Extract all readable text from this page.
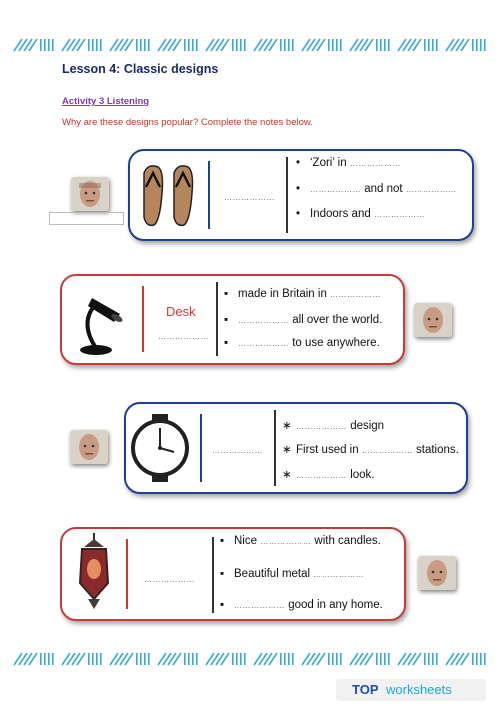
Lesson 4: Classic designs
Activity 3 Listening
Why are these designs popular? Complete the notes below.
………………
• ‘Zori’ in ………………
• ……………… and not ………………
• Indoors and ………………
Desk
………………
▪ made in Britain in ………………
▪ ……………… all over the world.
▪ ……………… to use anywhere.
………………
∗ ……………… design
∗ First used in ……………… stations.
∗ ……………… look.
………………
▪ Nice ……………… with candles.
▪ Beautiful metal ………………
▪ ……………… good in any home.
TOP worksheets
